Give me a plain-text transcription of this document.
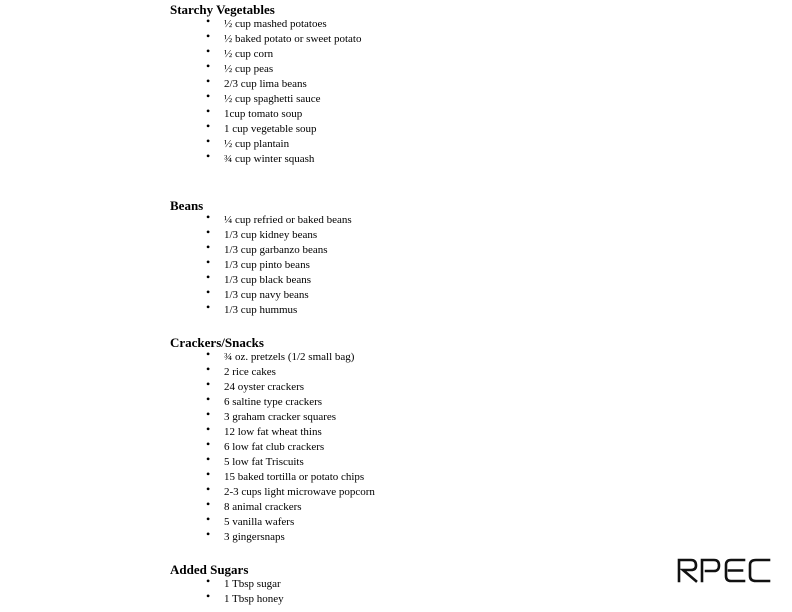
Starchy Vegetables
• ½ cup mashed potatoes
• ½ baked potato or sweet potato
• ½ cup corn
• ½ cup peas
• 2/3 cup lima beans
• ½ cup spaghetti sauce
• 1cup tomato soup
• 1 cup vegetable soup
• ½ cup plantain
• ¾ cup winter squash
Beans
• ¼ cup refried or baked beans
• 1/3 cup kidney beans
• 1/3 cup garbanzo beans
• 1/3 cup pinto beans
• 1/3 cup black beans
• 1/3 cup navy beans
• 1/3 cup hummus
Crackers/Snacks
• ¾ oz. pretzels (1/2 small bag)
• 2 rice cakes
• 24 oyster crackers
• 6 saltine type crackers
• 3 graham cracker squares
• 12 low fat wheat thins
• 6 low fat club crackers
• 5 low fat Triscuits
• 15 baked tortilla or potato chips
• 2-3 cups light microwave popcorn
• 8 animal crackers
• 5 vanilla wafers
• 3 gingersnaps
Added Sugars
• 1 Tbsp sugar
• 1 Tbsp honey
